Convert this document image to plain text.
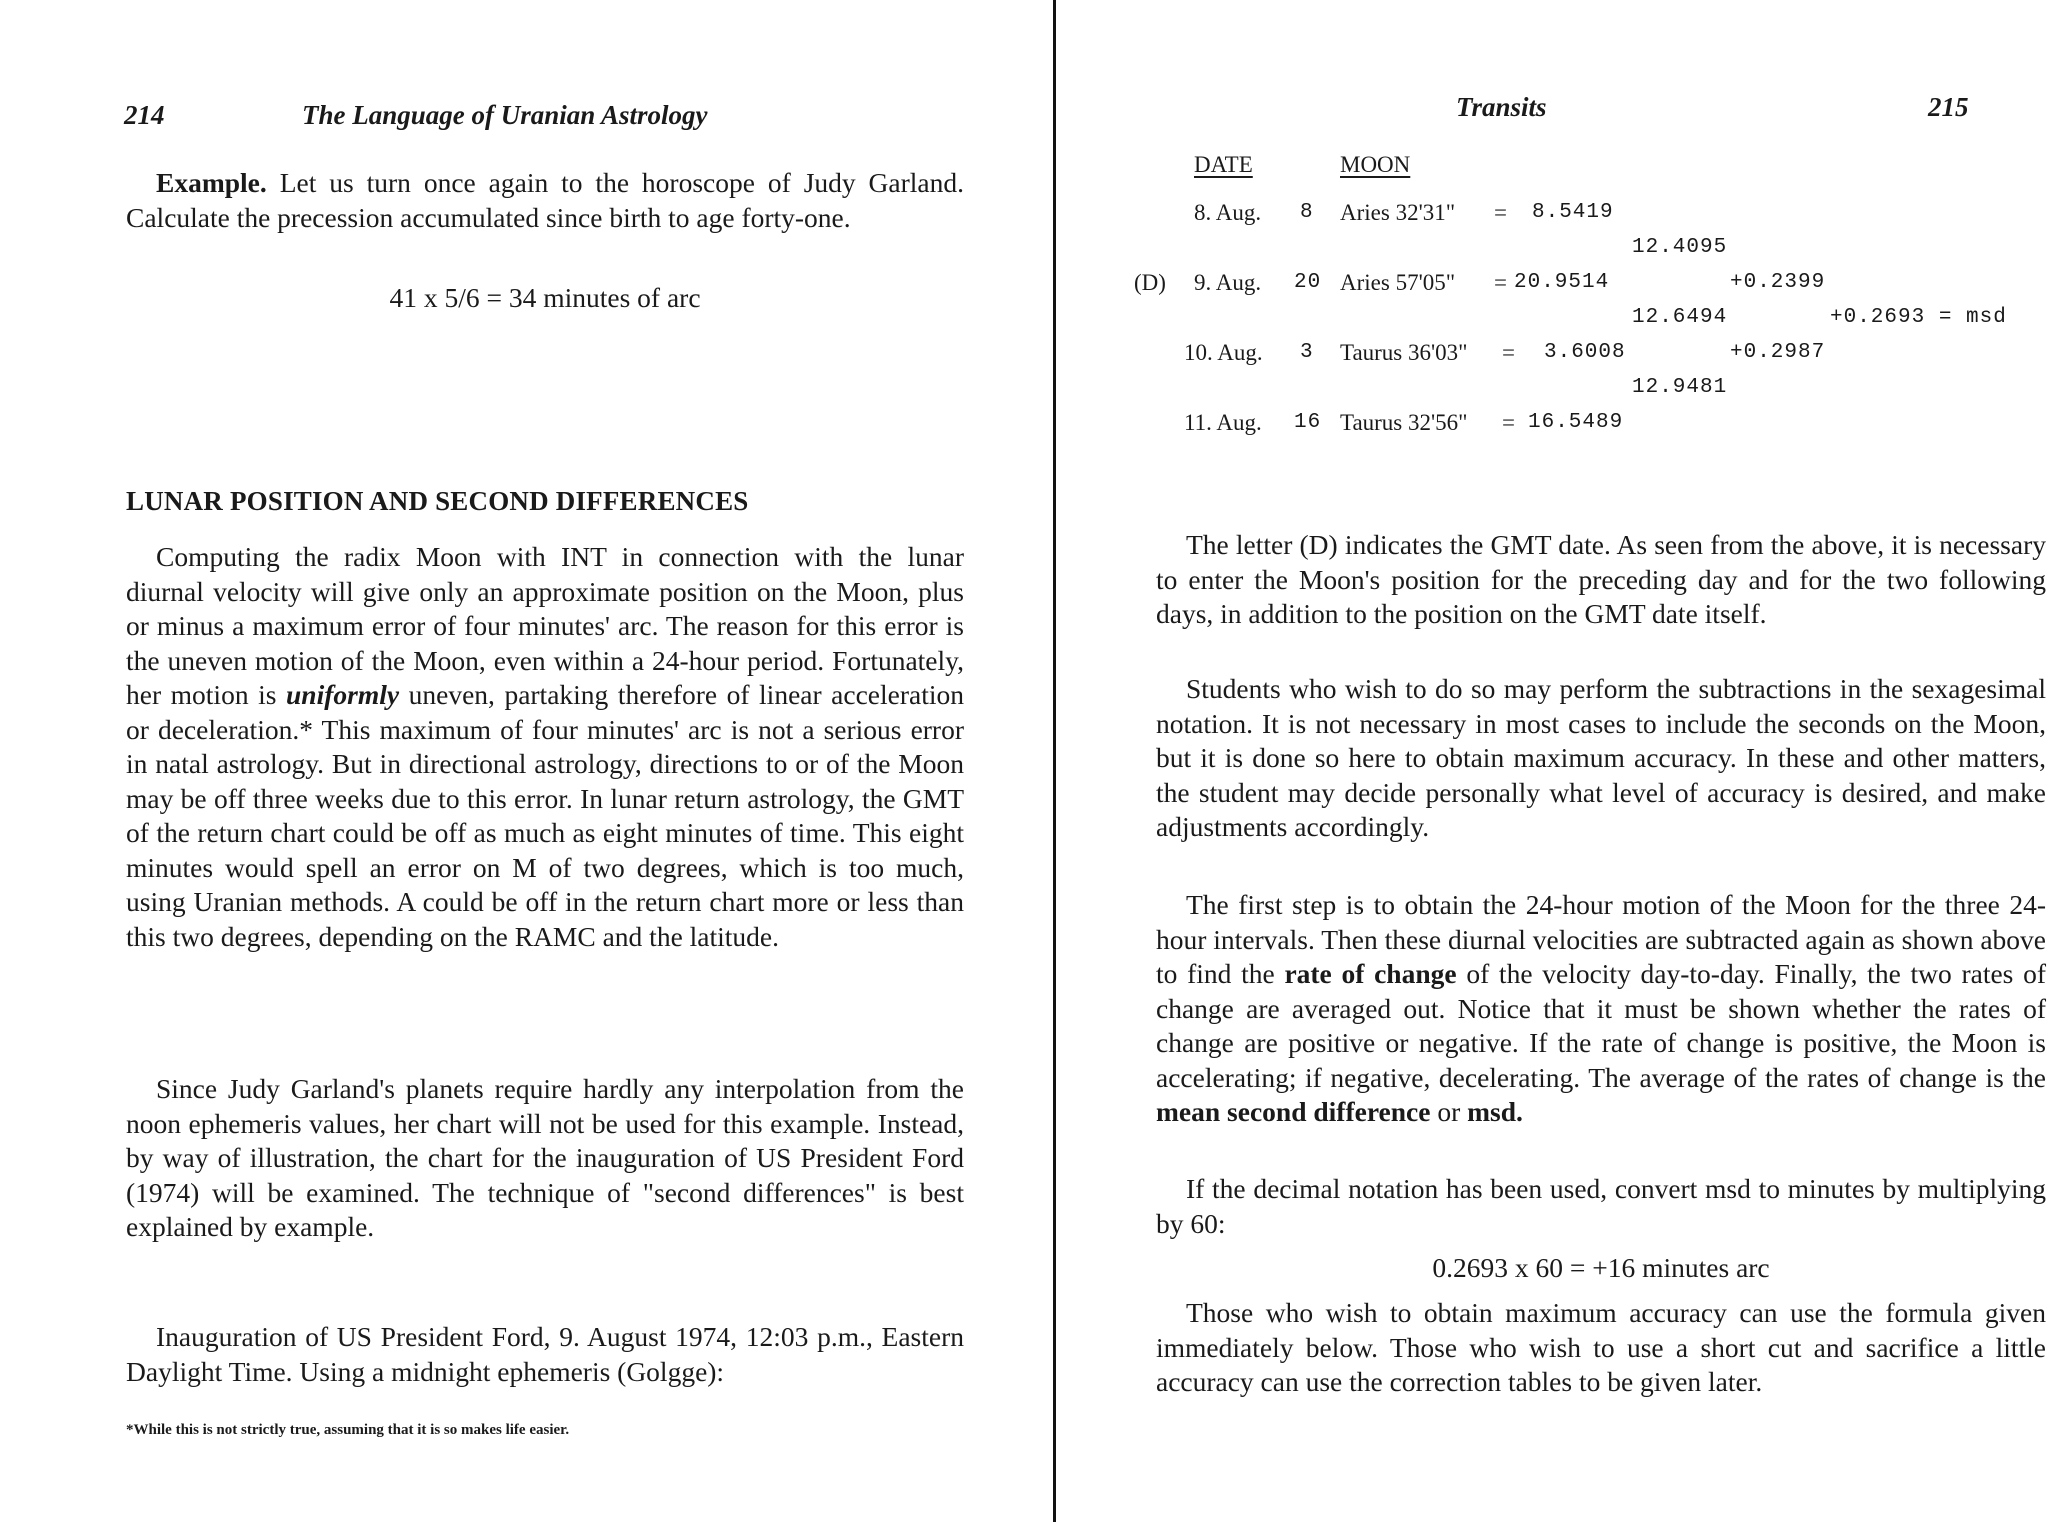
214	The Language of Uranian Astrology

Example. Let us turn once again to the horoscope of Judy Garland. Calculate the precession accumulated since birth to age forty-one.

41 x 5/6 = 34 minutes of arc
LUNAR POSITION AND SECOND DIFFERENCES

Computing the radix Moon with INT in connection with the lunar diurnal velocity will give only an approximate position on the Moon, plus or minus a maximum error of four minutes' arc. The reason for this error is the uneven motion of the Moon, even within a 24-hour period. Fortunately, her motion is uniformly uneven, partaking therefore of linear acceleration or deceleration.* This maximum of four minutes' arc is not a serious error in natal astrology. But in directional astrology, directions to or of the Moon may be off three weeks due to this error. In lunar return astrology, the GMT of the return chart could be off as much as eight minutes of time. This eight minutes would spell an error on M of two degrees, which is too much, using Uranian methods. A could be off in the return chart more or less than this two degrees, depending on the RAMC and the latitude.

Since Judy Garland's planets require hardly any interpolation from the noon ephemeris values, her chart will not be used for this example. Instead, by way of illustration, the chart for the inauguration of US President Ford (1974) will be examined. The technique of "second differences" is best explained by example.

Inauguration of US President Ford, 9. August 1974, 12:03 p.m., Eastern Daylight Time. Using a midnight ephemeris (Golgge):

*While this is not strictly true, assuming that it is so makes life easier.
Transits	215
DATE	MOON
8. Aug. 8 Aries 32'31" = 8.5419
12.4095
(D) 9. Aug. 20 Aries 57'05" = 20.9514	+0.2399
12.6494	+0.2693 = msd
10. Aug. 3 Taurus 36'03" = 3.6008	+0.2987
12.9481
11. Aug. 16 Taurus 32'56" = 16.5489

The letter (D) indicates the GMT date. As seen from the above, it is necessary to enter the Moon's position for the preceding day and for the two following days, in addition to the position on the GMT date itself.

Students who wish to do so may perform the subtractions in the sexagesimal notation. It is not necessary in most cases to include the seconds on the Moon, but it is done so here to obtain maximum accuracy. In these and other matters, the student may decide personally what level of accuracy is desired, and make adjustments accordingly.

The first step is to obtain the 24-hour motion of the Moon for the three 24-hour intervals. Then these diurnal velocities are subtracted again as shown above to find the rate of change of the velocity day-to-day. Finally, the two rates of change are averaged out. Notice that it must be shown whether the rates of change are positive or negative. If the rate of change is positive, the Moon is accelerating; if negative, decelerating. The average of the rates of change is the mean second difference or msd.

If the decimal notation has been used, convert msd to minutes by multiplying by 60:

0.2693 x 60 = +16 minutes arc

Those who wish to obtain maximum accuracy can use the formula given immediately below. Those who wish to use a short cut and sacrifice a little accuracy can use the correction tables to be given later.
